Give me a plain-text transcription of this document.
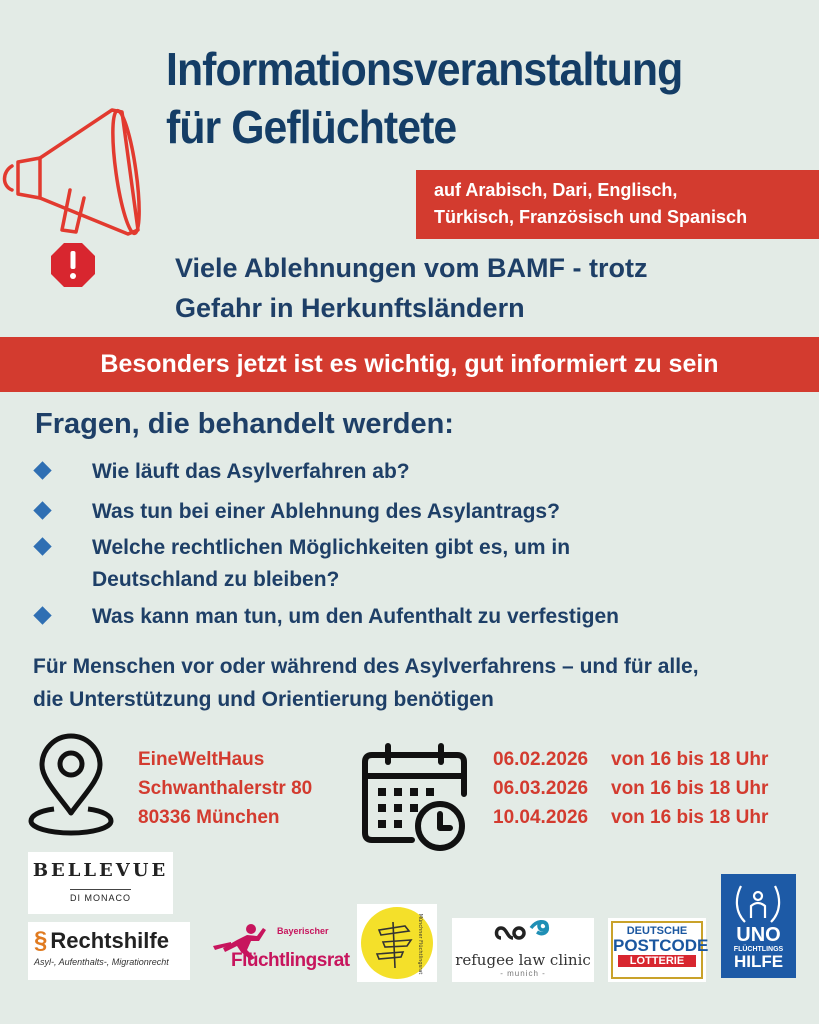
Informationsveranstaltung
für Geflüchtete
auf Arabisch, Dari, Englisch,
Türkisch, Französisch und Spanisch
Viele Ablehnungen vom BAMF - trotz
Gefahr in Herkunftsländern
Besonders jetzt ist es wichtig, gut informiert zu sein
Fragen, die behandelt werden:
Wie läuft das Asylverfahren ab?
Was tun bei einer Ablehnung des Asylantrags?
Welche rechtlichen Möglichkeiten gibt es, um in
Deutschland zu bleiben?
Was kann man tun, um den Aufenthalt zu verfestigen
Für Menschen vor oder während des Asylverfahrens – und für alle,
die Unterstützung und Orientierung benötigen
EineWeltHaus
Schwanthalerstr 80
80336 München
06.02.2026 von 16 bis 18 Uhr
06.03.2026 von 16 bis 18 Uhr
10.04.2026 von 16 bis 18 Uhr
BELLEVUE
DI MONACO
§ Rechtshilfe
Asyl-, Aufenthalts-, Migrationrecht
Bayerischer
Flüchtlingsrat	Münchner Flüchtlingsrat refugee law clinic
- munich -
DEUTSCHE
POSTCODE
LOTTERIE
UNO
FLÜCHTLINGS
HILFE
